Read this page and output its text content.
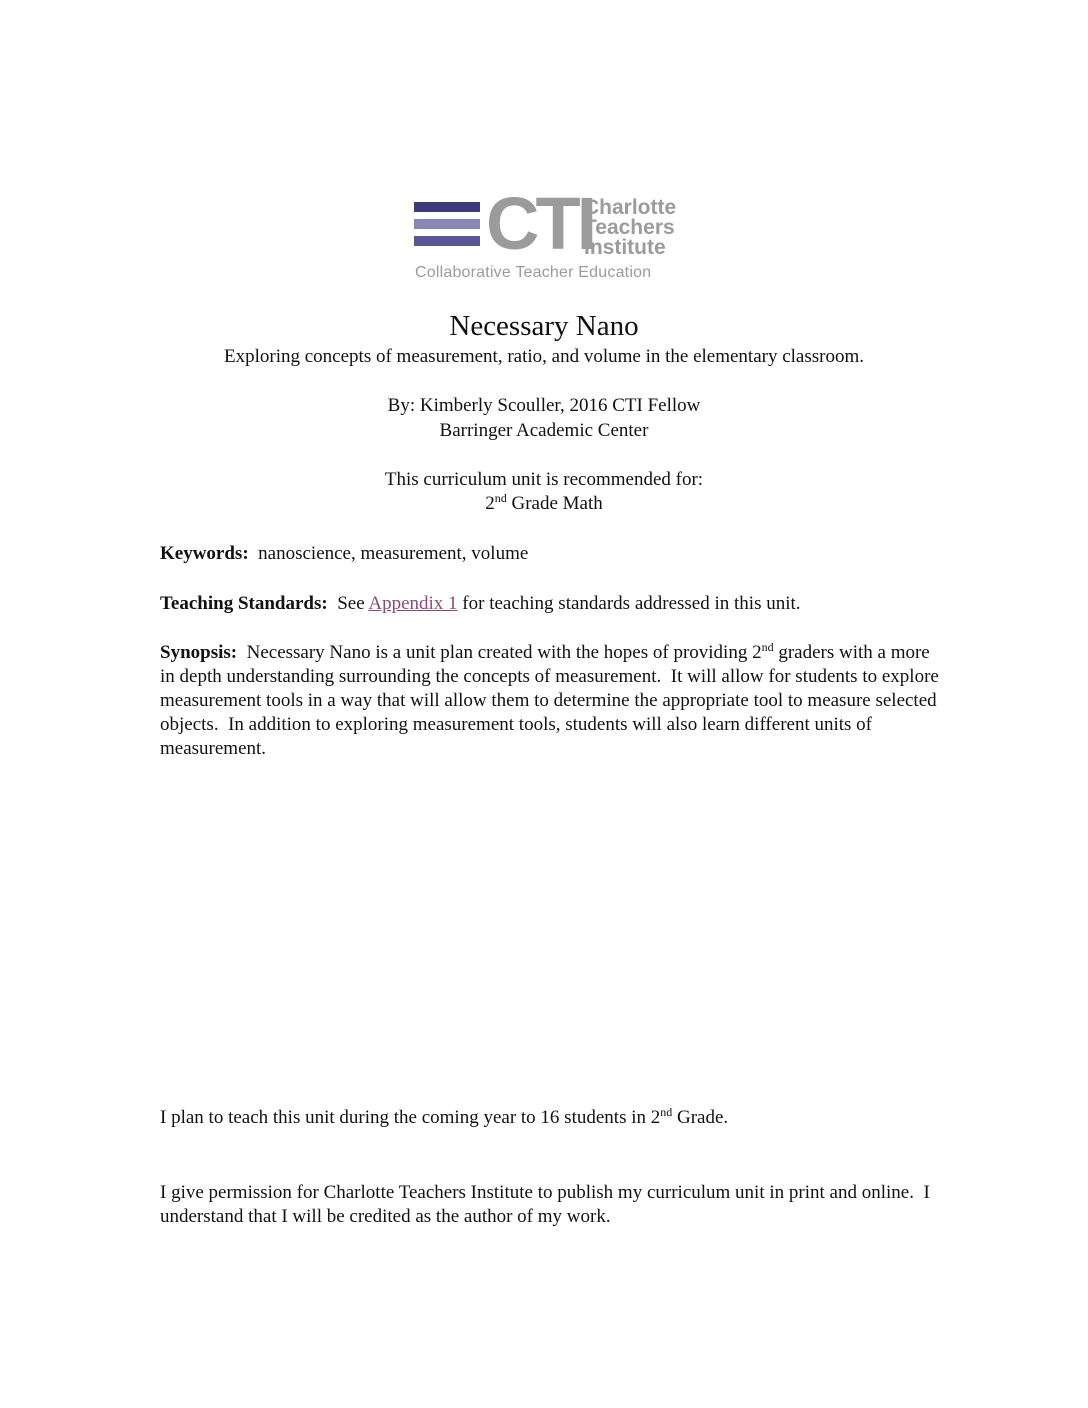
CTI
Charlotte
Teachers
Institute
Collaborative Teacher Education
Necessary Nano
Exploring concepts of measurement, ratio, and volume in the elementary classroom.
By: Kimberly Scouller, 2016 CTI Fellow
Barringer Academic Center
This curriculum unit is recommended for:
2nd Grade Math
Keywords:  nanoscience, measurement, volume
Teaching Standards:  See Appendix 1 for teaching standards addressed in this unit.
Synopsis:  Necessary Nano is a unit plan created with the hopes of providing 2nd graders with a more in depth understanding surrounding the concepts of measurement.  It will allow for students to explore measurement tools in a way that will allow them to determine the appropriate tool to measure selected objects.  In addition to exploring measurement tools, students will also learn different units of measurement.
I plan to teach this unit during the coming year to 16 students in 2nd Grade.
I give permission for Charlotte Teachers Institute to publish my curriculum unit in print and online.  I understand that I will be credited as the author of my work.
